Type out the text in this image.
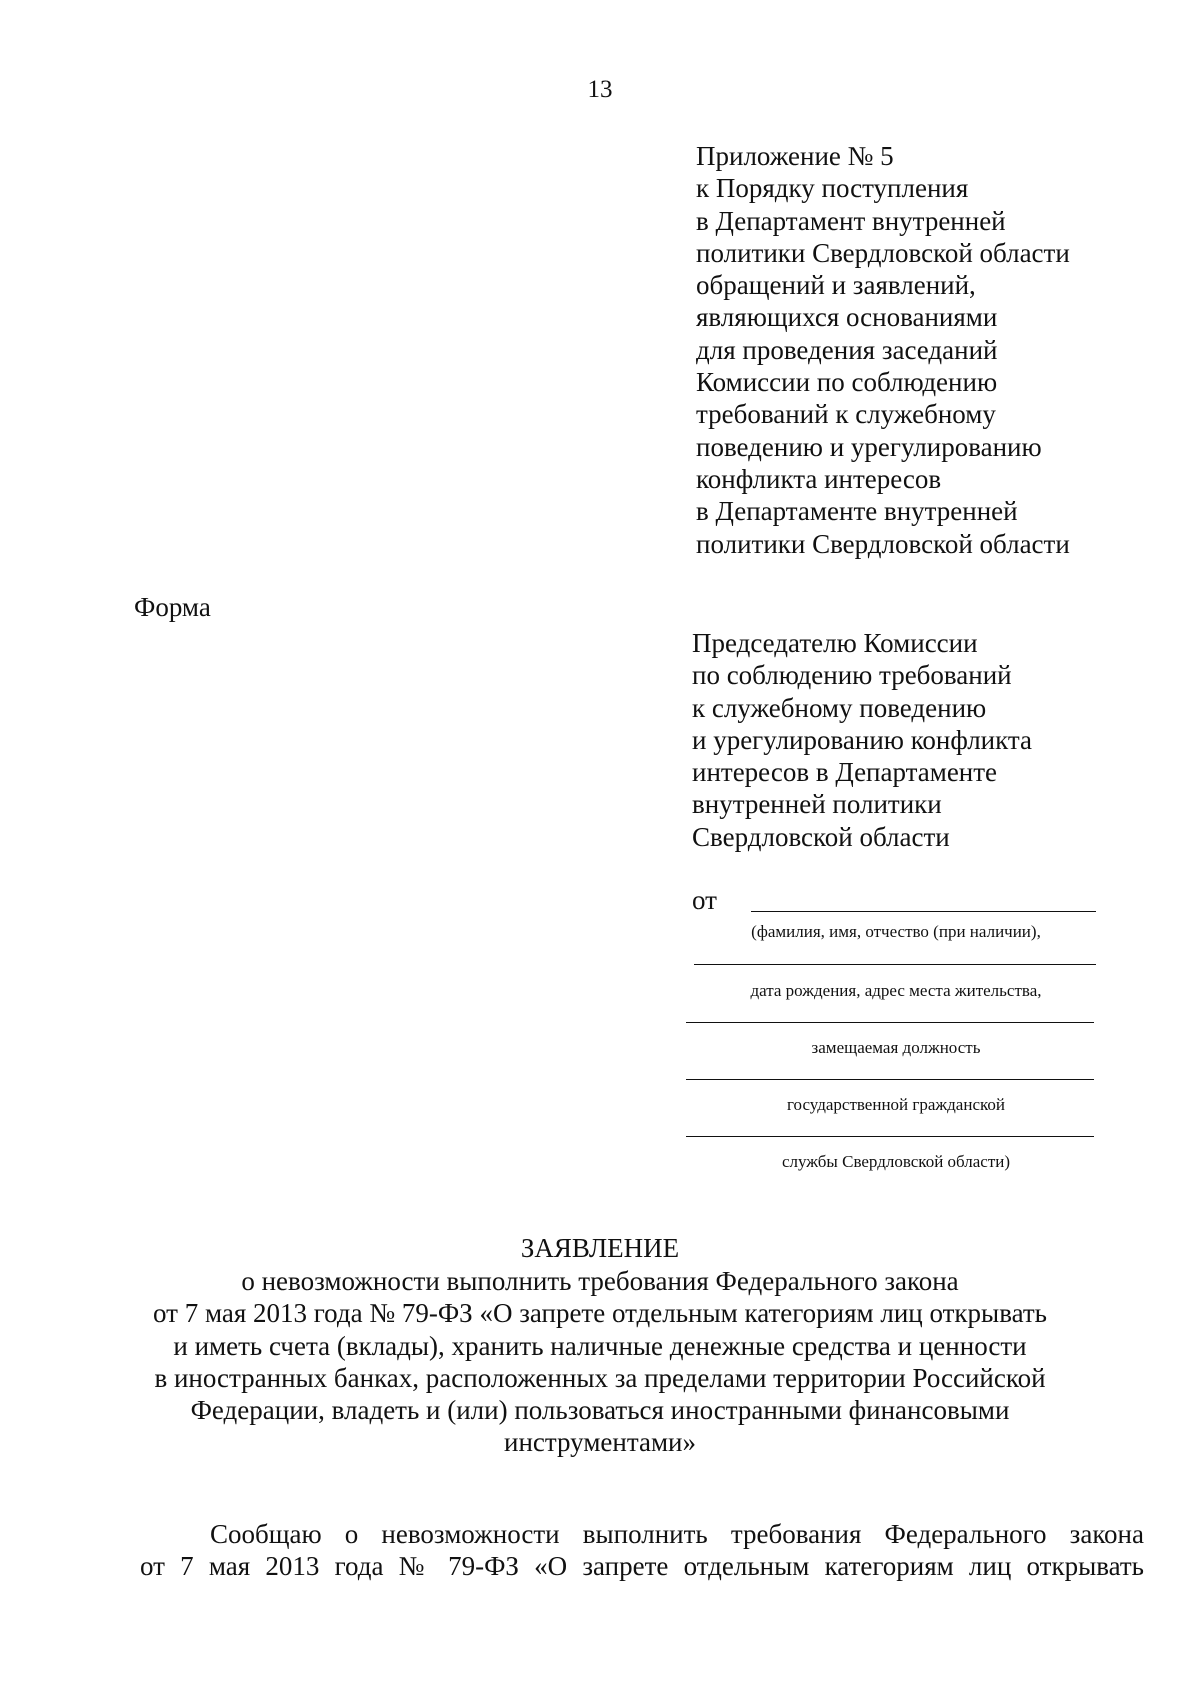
13
Приложение № 5
к Порядку поступления
в Департамент внутренней
политики Свердловской области
обращений и заявлений,
являющихся основаниями
для проведения заседаний
Комиссии по соблюдению
требований к служебному
поведению и урегулированию
конфликта интересов
в Департаменте внутренней
политики Свердловской области
Форма
Председателю Комиссии
по соблюдению требований
к служебному поведению
и урегулированию конфликта
интересов в Департаменте
внутренней политики
Свердловской области
от
(фамилия, имя, отчество (при наличии),
дата рождения, адрес места жительства,
замещаемая должность
государственной гражданской
службы Свердловской области)
ЗАЯВЛЕНИЕ
о невозможности выполнить требования Федерального закона
от 7 мая 2013 года № 79-ФЗ «О запрете отдельным категориям лиц открывать
и иметь счета (вклады), хранить наличные денежные средства и ценности
в иностранных банках, расположенных за пределами территории Российской
Федерации, владеть и (или) пользоваться иностранными финансовыми
инструментами»
Сообщаю о невозможности выполнить требования Федерального закона
от 7 мая 2013 года № 79-ФЗ «О запрете отдельным категориям лиц открывать
